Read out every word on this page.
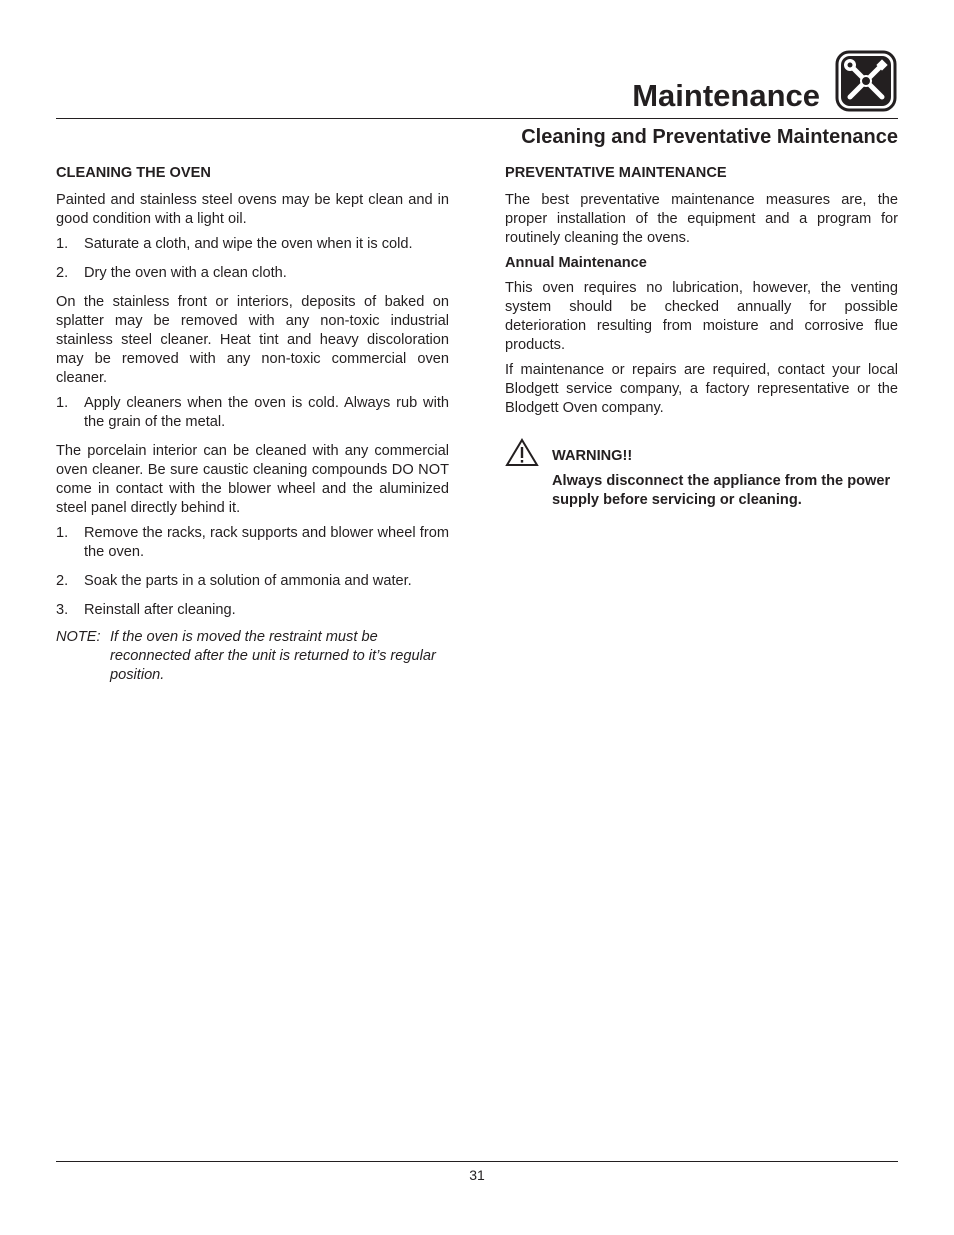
Maintenance
Cleaning and Preventative Maintenance
CLEANING THE OVEN

Painted and stainless steel ovens may be kept clean and in good condition with a light oil.

1. Saturate a cloth, and wipe the oven when it is cold.
2. Dry the oven with a clean cloth.

On the stainless front or interiors, deposits of baked on splatter may be removed with any non-toxic industrial stainless steel cleaner. Heat tint and heavy discoloration may be removed with any non-toxic commercial oven cleaner.

1. Apply cleaners when the oven is cold. Always rub with the grain of the metal.

The porcelain interior can be cleaned with any commercial oven cleaner. Be sure caustic cleaning compounds DO NOT come in contact with the blower wheel and the aluminized steel panel directly behind it.

1. Remove the racks, rack supports and blower wheel from the oven.
2. Soak the parts in a solution of ammonia and water.
3. Reinstall after cleaning.
NOTE: If the oven is moved the restraint must be reconnected after the unit is returned to it’s regular position.
PREVENTATIVE MAINTENANCE

The best preventative maintenance measures are, the proper installation of the equipment and a program for routinely cleaning the ovens.

Annual Maintenance

This oven requires no lubrication, however, the venting system should be checked annually for possible deterioration resulting from moisture and corrosive flue products.

If maintenance or repairs are required, contact your local Blodgett service company, a factory representative or the Blodgett Oven company.

WARNING!!
Always disconnect the appliance from the power supply before servicing or cleaning.
31
